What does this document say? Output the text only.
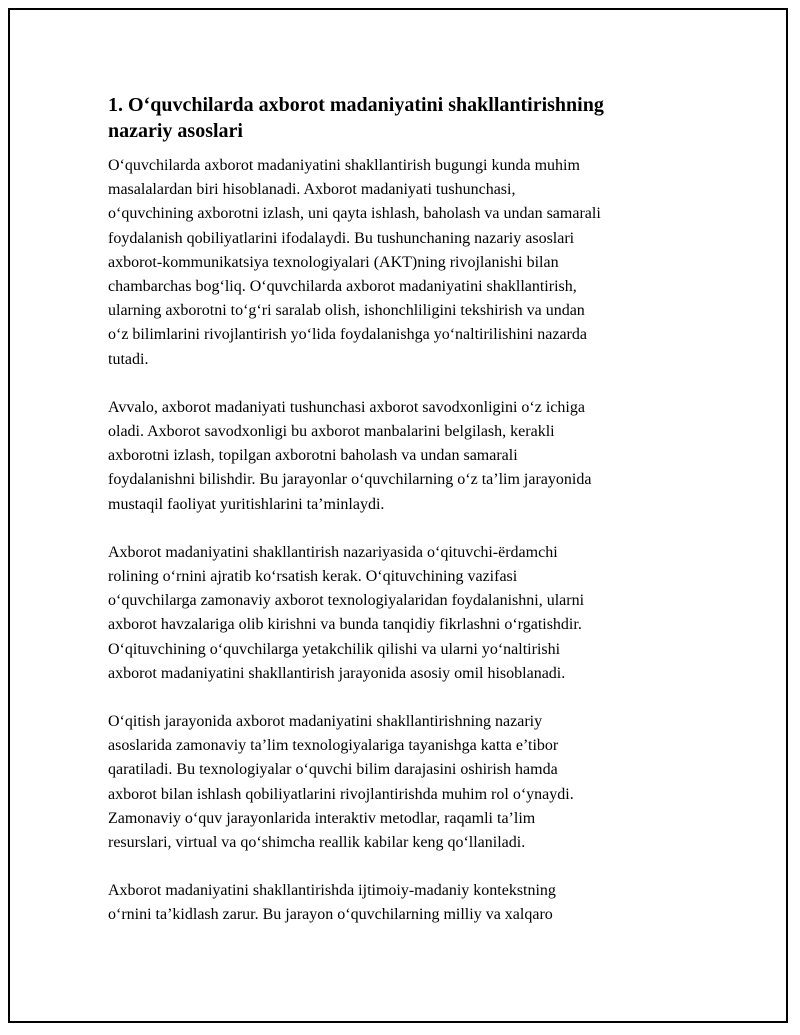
1. O‘quvchilarda axborot madaniyatini shakllantirishning
nazariy asoslari
O‘quvchilarda axborot madaniyatini shakllantirish bugungi kunda muhim
masalalardan biri hisoblanadi. Axborot madaniyati tushunchasi,
o‘quvchining axborotni izlash, uni qayta ishlash, baholash va undan samarali
foydalanish qobiliyatlarini ifodalaydi. Bu tushunchaning nazariy asoslari
axborot-kommunikatsiya texnologiyalari (AKT)ning rivojlanishi bilan
chambarchas bog‘liq. O‘quvchilarda axborot madaniyatini shakllantirish,
ularning axborotni to‘g‘ri saralab olish, ishonchliligini tekshirish va undan
o‘z bilimlarini rivojlantirish yo‘lida foydalanishga yo‘naltirilishini nazarda
tutadi.
Avvalo, axborot madaniyati tushunchasi axborot savodxonligini o‘z ichiga
oladi. Axborot savodxonligi bu axborot manbalarini belgilash, kerakli
axborotni izlash, topilgan axborotni baholash va undan samarali
foydalanishni bilishdir. Bu jarayonlar o‘quvchilarning o‘z ta’lim jarayonida
mustaqil faoliyat yuritishlarini ta’minlaydi.
Axborot madaniyatini shakllantirish nazariyasida o‘qituvchi-ërdamchi
rolining o‘rnini ajratib ko‘rsatish kerak. O‘qituvchining vazifasi
o‘quvchilarga zamonaviy axborot texnologiyalaridan foydalanishni, ularni
axborot havzalariga olib kirishni va bunda tanqidiy fikrlashni o‘rgatishdir.
O‘qituvchining o‘quvchilarga yetakchilik qilishi va ularni yo‘naltirishi
axborot madaniyatini shakllantirish jarayonida asosiy omil hisoblanadi.
O‘qitish jarayonida axborot madaniyatini shakllantirishning nazariy
asoslarida zamonaviy ta’lim texnologiyalariga tayanishga katta e’tibor
qaratiladi. Bu texnologiyalar o‘quvchi bilim darajasini oshirish hamda
axborot bilan ishlash qobiliyatlarini rivojlantirishda muhim rol o‘ynaydi.
Zamonaviy o‘quv jarayonlarida interaktiv metodlar, raqamli ta’lim
resurslari, virtual va qo‘shimcha reallik kabilar keng qo‘llaniladi.
Axborot madaniyatini shakllantirishda ijtimoiy-madaniy kontekstning
o‘rnini ta’kidlash zarur. Bu jarayon o‘quvchilarning milliy va xalqaro
